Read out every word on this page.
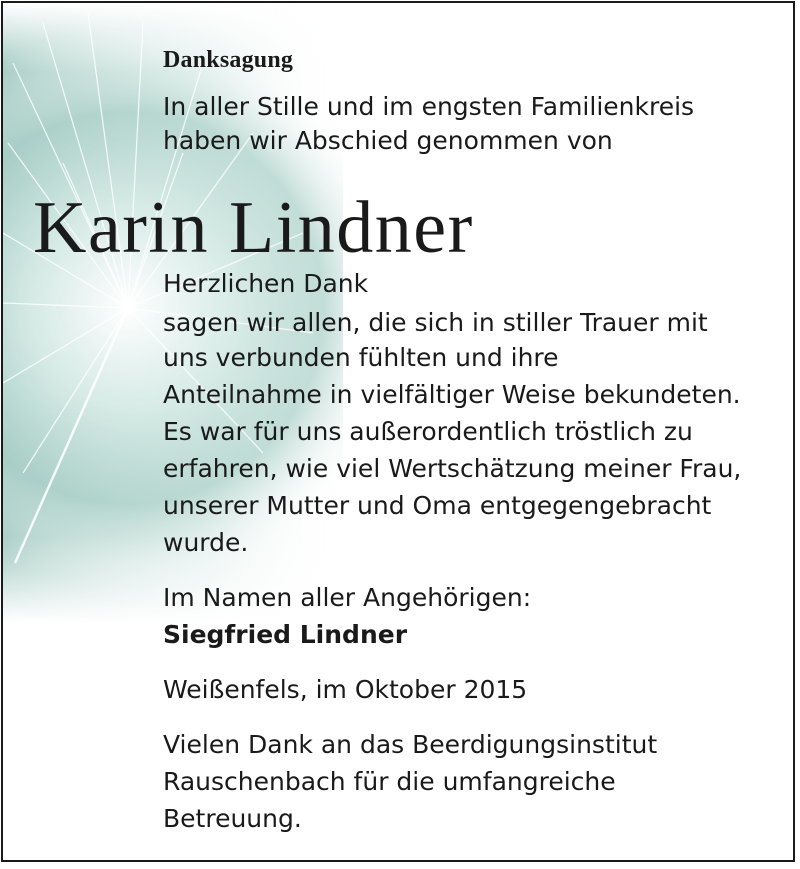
Danksagung
In aller Stille und im engsten Familienkreis
haben wir Abschied genommen von
Karin Lindner
Herzlichen Dank
sagen wir allen, die sich in stiller Trauer mit
uns verbunden fühlten und ihre
Anteilnahme in vielfältiger Weise bekundeten.
Es war für uns außerordentlich tröstlich zu
erfahren, wie viel Wertschätzung meiner Frau,
unserer Mutter und Oma entgegengebracht
wurde.
Im Namen aller Angehörigen:
Siegfried Lindner
Weißenfels, im Oktober 2015
Vielen Dank an das Beerdigungsinstitut
Rauschenbach für die umfangreiche
Betreuung.
